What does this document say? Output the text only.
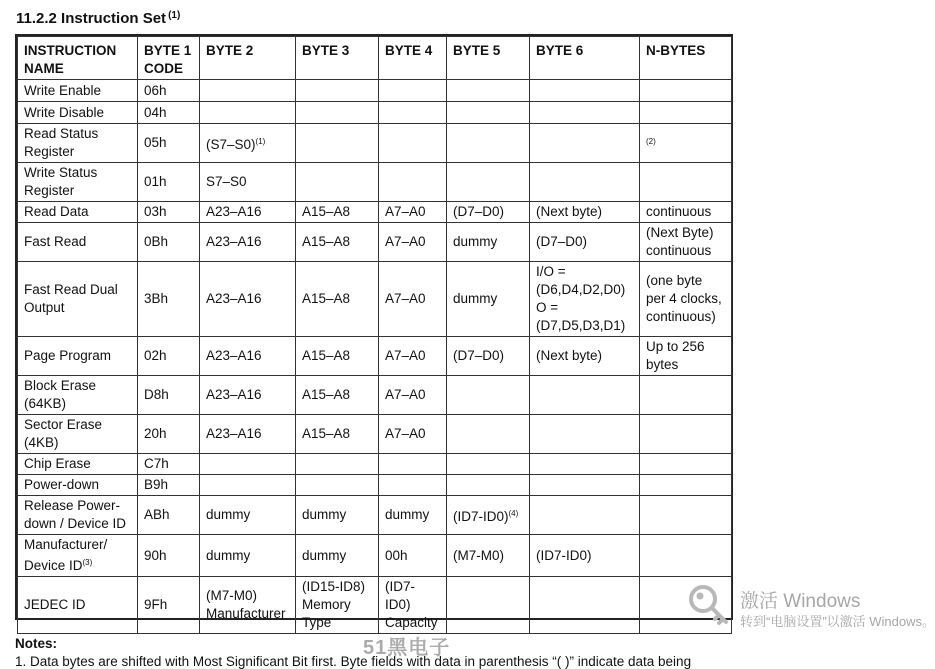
11.2.2 Instruction Set $^{(1)}$
INSTRUCTION NAME	BYTE 1 CODE	BYTE 2	BYTE 3	BYTE 4	BYTE 5	BYTE 6	N-BYTES
Write Enable	06h						
Write Disable	04h						
Read Status Register	05h	(S7–S0)$^{(1)}$					$^{(2)}$
Write Status Register	01h	S7–S0					
Read Data	03h	A23–A16	A15–A8	A7–A0	(D7–D0)	(Next byte)	continuous
Fast Read	0Bh	A23–A16	A15–A8	A7–A0	dummy	(D7–D0)	(Next Byte) continuous
Fast Read Dual Output	3Bh	A23–A16	A15–A8	A7–A0	dummy	I/O = (D6,D4,D2,D0) O = (D7,D5,D3,D1)	(one byte per 4 clocks, continuous)
Page Program	02h	A23–A16	A15–A8	A7–A0	(D7–D0)	(Next byte)	Up to 256 bytes
Block Erase (64KB)	D8h	A23–A16	A15–A8	A7–A0			
Sector Erase (4KB)	20h	A23–A16	A15–A8	A7–A0			
Chip Erase	C7h						
Power-down	B9h						
Release Power-down / Device ID	ABh	dummy	dummy	dummy	(ID7-ID0)$^{(4)}$		
Manufacturer/ Device ID$^{(3)}$	90h	dummy	dummy	00h	(M7-M0)	(ID7-ID0)	
JEDEC ID	9Fh	(M7-M0) Manufacturer	(ID15-ID8) Memory Type	(ID7-ID0) Capacity			
Notes:
1. Data bytes are shifted with Most Significant Bit first. Byte fields with data in parenthesis “( )” indicate data being
51黑电子
激活 Windows
转到“电脑设置”以激活 Windows。
